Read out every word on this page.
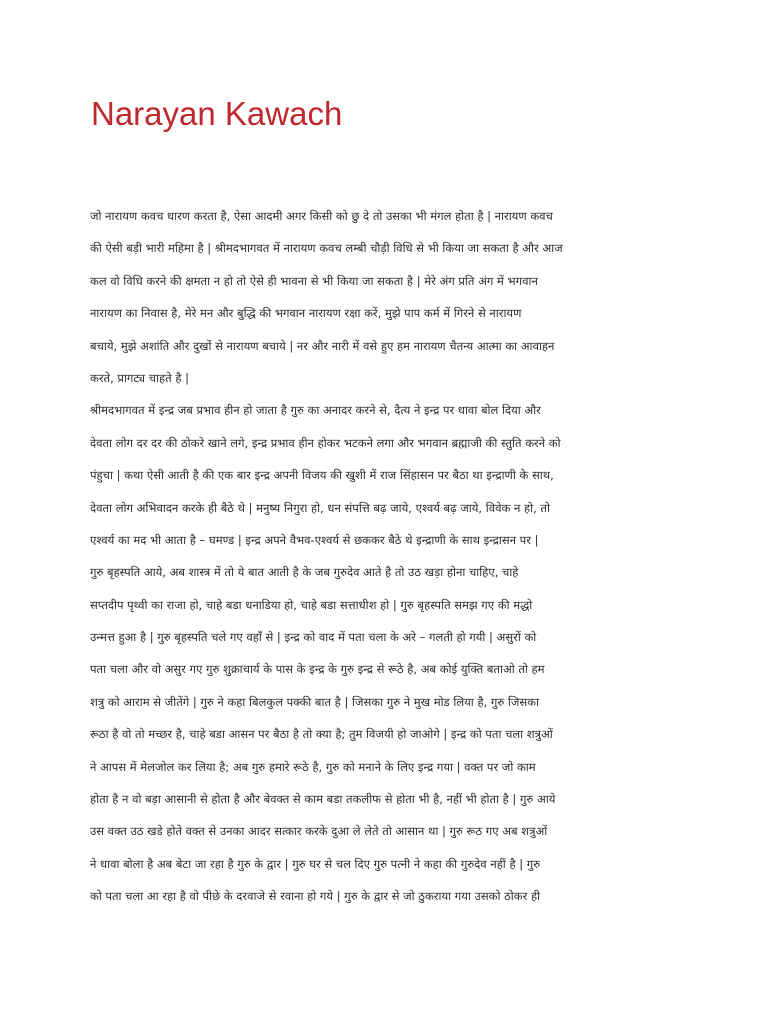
Narayan Kawach
जो नारायण कवच धारण करता है, ऐसा आदमी अगर किसी को छु दे तो उसका भी मंगल होता है | नारायण कवच
की ऐसी बड़ी भारी महिमा है | श्रीमदभागवत में नारायण कवच लम्बी चौड़ी विधि से भी किया जा सकता है और आज
कल वो विधि करने की क्षमता न हो तो ऐसे ही भावना से भी किया जा सकता है | मेरे अंग प्रति अंग में भगवान
नारायण का निवास है, मेरे मन और बुद्धि की भगवान नारायण रक्षा करें, मुझे पाप कर्म में गिरने से नारायण
बचाये, मुझे अशांति और दुखों से नारायण बचाये | नर और नारी में वसे हुए हम नारायण चैतन्य आत्मा का आवाहन
करते, प्रागट्य चाहते है |
श्रीमदभागवत में इन्द्र जब प्रभाव हीन हो जाता है गुरु का अनादर करने से, दैत्य ने इन्द्र पर धावा बोल दिया और
देवता लोग दर दर की ठोकरे खाने लगे, इन्द्र प्रभाव हीन होकर भटकने लगा और भगवान ब्रह्माजी की स्तुति करने को
पंहुचा | कथा ऐसी आती है की एक बार इन्द्र अपनी विजय की खुशी में राज सिंहासन पर बैठा था इन्द्राणी के साथ,
देवता लोग अभिवादन करके ही बैठे थे | मनुष्य निगुरा हो, धन संपत्ति बढ़ जाये, एश्वर्य बढ़ जाये, विवेक न हो, तो
एश्वर्य का मद भी आता है – घमण्ड | इन्द्र अपने वैभव-एश्वर्य से छककर बैठे थे इन्द्राणी के साथ इन्द्रासन पर |
गुरु बृहस्पति आये, अब शास्त्र में तो ये बात आती है के जब गुरुदेव आते है तो उठ खड़ा होना चाहिए, चाहे
सप्तदीप पृथ्वी का राजा हो, चाहे बडा धनाडिया हो, चाहे बडा सत्ताधीश हो | गुरु बृहस्पति समझ गए की मद्धो
उन्मत्त हुआ है | गुरु बृहस्पति चले गए वहाँ से | इन्द्र को वाद में पता चला के अरे – गलती हो गयी | असुरों को
पता चला और वो असुर गए गुरु शुक्राचार्य के पास के इन्द्र के गुरु इन्द्र से रूठे है, अब कोई युक्ति बताओ तो हम
शत्रु को आराम से जीतेंगे | गुरु ने कहा बिलकुल पक्की बात है | जिसका गुरु ने मुख मोड लिया है, गुरु जिसका
रूठा है वो तो मच्छर है, चाहे बडा आसन पर बैठा है तो क्या है; तुम विजयी हो जाओगे | इन्द्र को पता चला शत्रुओं
ने आपस में मेलजोल कर लिया है; अब गुरु हमारे रूठे है, गुरु को मनाने के लिए इन्द्र गया | वक्त पर जो काम
होता है न वो बड़ा आसानी से होता है और बेवक्त से काम बडा तकलीफ से होता भी है, नहीं भी होता है | गुरु आये
उस वक्त उठ खडे होते वक्त से उनका आदर सत्कार करके दुआ ले लेते तो आसान था | गुरु रूठ गए अब शत्रुओं
ने धावा बोला है अब बेटा जा रहा है गुरु के द्वार | गुरु घर से चल दिए गुरु पत्नी ने कहा की गुरुदेव नहीं है | गुरु
को पता चला आ रहा है वो पीछे के दरवाजे से रवाना हो गये | गुरु के द्वार से जो ठुकराया गया उसको ठोकर ही
